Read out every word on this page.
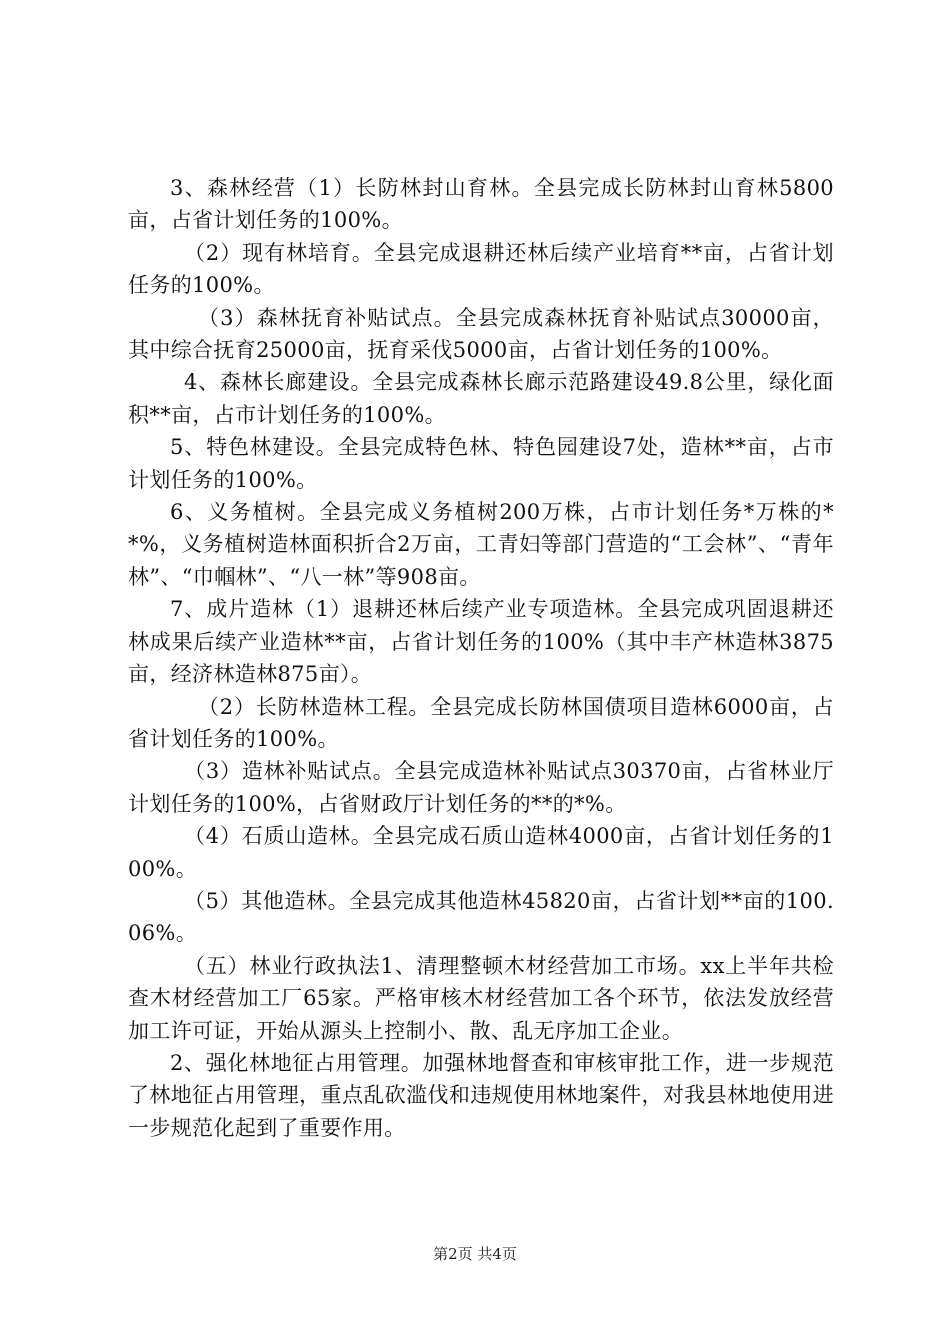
3、森林经营（1）长防林封山育林。全县完成长防林封山育林5800亩，占省计划任务的100%。

（2）现有林培育。全县完成退耕还林后续产业培育**亩，占省计划任务的100%。

（3）森林抚育补贴试点。全县完成森林抚育补贴试点30000亩，其中综合抚育25000亩，抚育采伐5000亩，占省计划任务的100%。

4、森林长廊建设。全县完成森林长廊示范路建设49.8公里，绿化面积**亩，占市计划任务的100%。

5、特色林建设。全县完成特色林、特色园建设7处，造林**亩，占市计划任务的100%。

6、义务植树。全县完成义务植树200万株，占市计划任务*万株的**%，义务植树造林面积折合2万亩，工青妇等部门营造的“工会林”、“青年林”、“巾帼林”、“八一林”等908亩。

7、成片造林（1）退耕还林后续产业专项造林。全县完成巩固退耕还林成果后续产业造林**亩，占省计划任务的100%（其中丰产林造林3875亩，经济林造林875亩）。

（2）长防林造林工程。全县完成长防林国债项目造林6000亩，占省计划任务的100%。

（3）造林补贴试点。全县完成造林补贴试点30370亩，占省林业厅计划任务的100%，占省财政厅计划任务的**的*%。

（4）石质山造林。全县完成石质山造林4000亩，占省计划任务的100%。

（5）其他造林。全县完成其他造林45820亩，占省计划**亩的100.06%。

（五）林业行政执法1、清理整顿木材经营加工市场。xx上半年共检查木材经营加工厂65家。严格审核木材经营加工各个环节，依法发放经营加工许可证，开始从源头上控制小、散、乱无序加工企业。

2、强化林地征占用管理。加强林地督查和审核审批工作，进一步规范了林地征占用管理，重点乱砍滥伐和违规使用林地案件，对我县林地使用进一步规范化起到了重要作用。

第2页 共4页
